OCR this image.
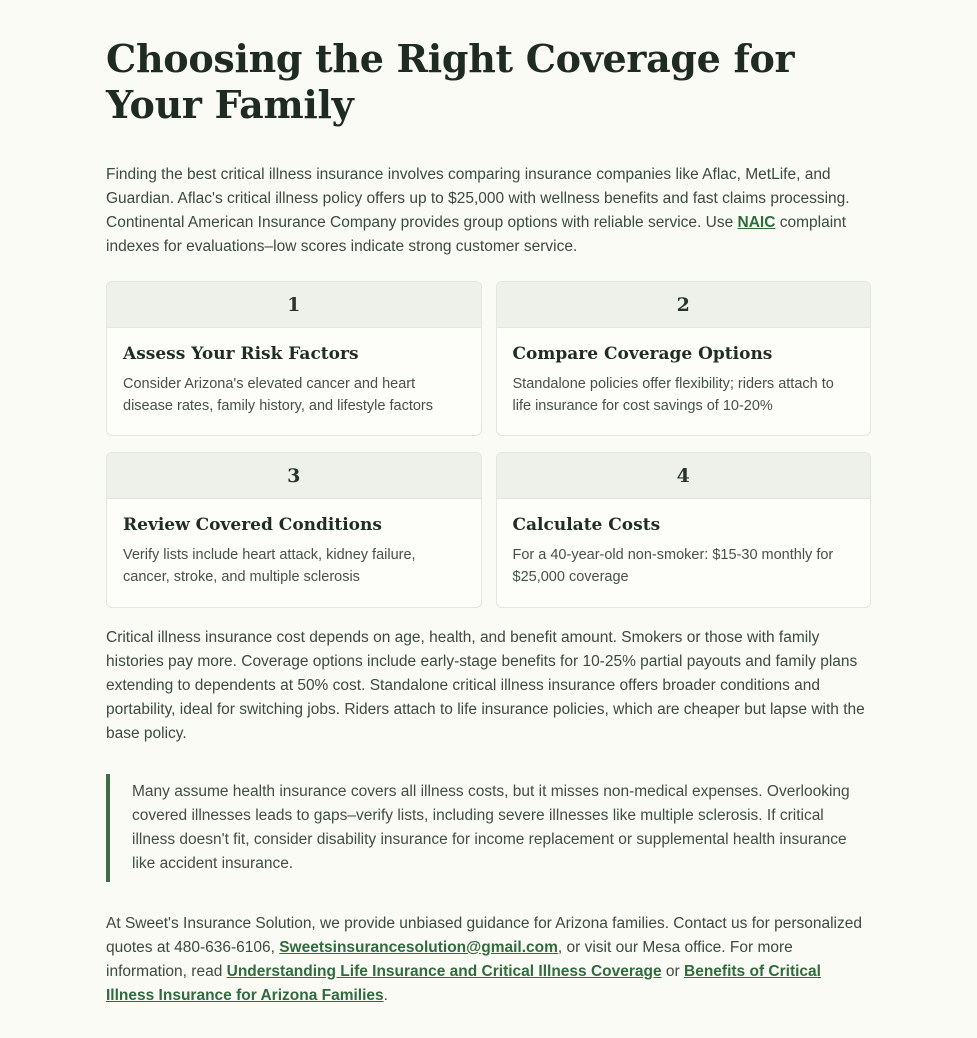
Choosing the Right Coverage for Your Family

Finding the best critical illness insurance involves comparing insurance companies like Aflac, MetLife, and Guardian. Aflac's critical illness policy offers up to $25,000 with wellness benefits and fast claims processing. Continental American Insurance Company provides group options with reliable service. Use NAIC complaint indexes for evaluations–low scores indicate strong customer service.

1
Assess Your Risk Factors

Consider Arizona's elevated cancer and heart disease rates, family history, and lifestyle factors

2
Compare Coverage Options

Standalone policies offer flexibility; riders attach to life insurance for cost savings of 10-20%

3
Review Covered Conditions

Verify lists include heart attack, kidney failure, cancer, stroke, and multiple sclerosis

4
Calculate Costs

For a 40-year-old non-smoker: $15-30 monthly for $25,000 coverage

Critical illness insurance cost depends on age, health, and benefit amount. Smokers or those with family histories pay more. Coverage options include early-stage benefits for 10-25% partial payouts and family plans extending to dependents at 50% cost. Standalone critical illness insurance offers broader conditions and portability, ideal for switching jobs. Riders attach to life insurance policies, which are cheaper but lapse with the base policy.

Many assume health insurance covers all illness costs, but it misses non-medical expenses. Overlooking covered illnesses leads to gaps–verify lists, including severe illnesses like multiple sclerosis. If critical illness doesn't fit, consider disability insurance for income replacement or supplemental health insurance like accident insurance.

At Sweet's Insurance Solution, we provide unbiased guidance for Arizona families. Contact us for personalized quotes at 480-636-6106, Sweetsinsurancesolution@gmail.com, or visit our Mesa office. For more information, read Understanding Life Insurance and Critical Illness Coverage or Benefits of Critical Illness Insurance for Arizona Families.
